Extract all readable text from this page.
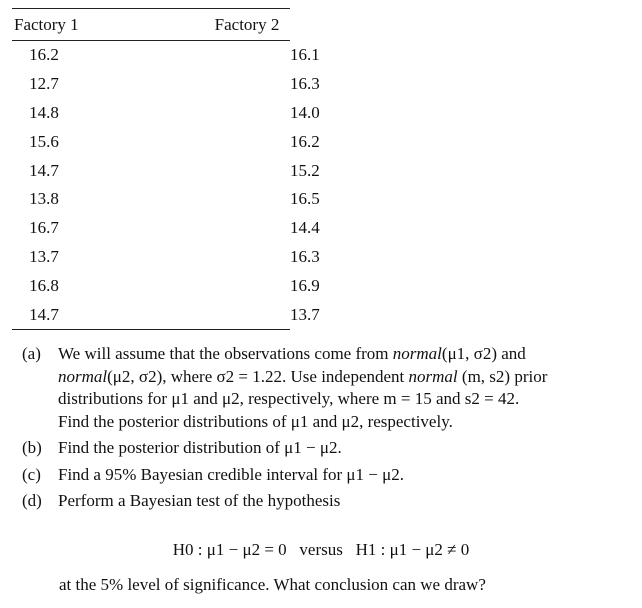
Factory 1	Factory 2
16.2	16.1
12.7	16.3
14.8	14.0
15.6	16.2
14.7	15.2
13.8	16.5
16.7	14.4
13.7	16.3
16.8	16.9
14.7	13.7
(a)	We will assume that the observations come from normal(μ1, σ2) and
normal(μ2, σ2), where σ2 = 1.22. Use independent normal (m, s2) prior
distributions for μ1 and μ2, respectively, where m = 15 and s2 = 42.
Find the posterior distributions of μ1 and μ2, respectively.
(b) Find the posterior distribution of μ1 − μ2.
(c)	Find a 95% Bayesian credible interval for μ1 − μ2.
(d) Perform a Bayesian test of the hypothesis
H0 : μ1 − μ2 = 0   versus   H1 : μ1 − μ2 ≠ 0
at the 5% level of significance. What conclusion can we draw?
